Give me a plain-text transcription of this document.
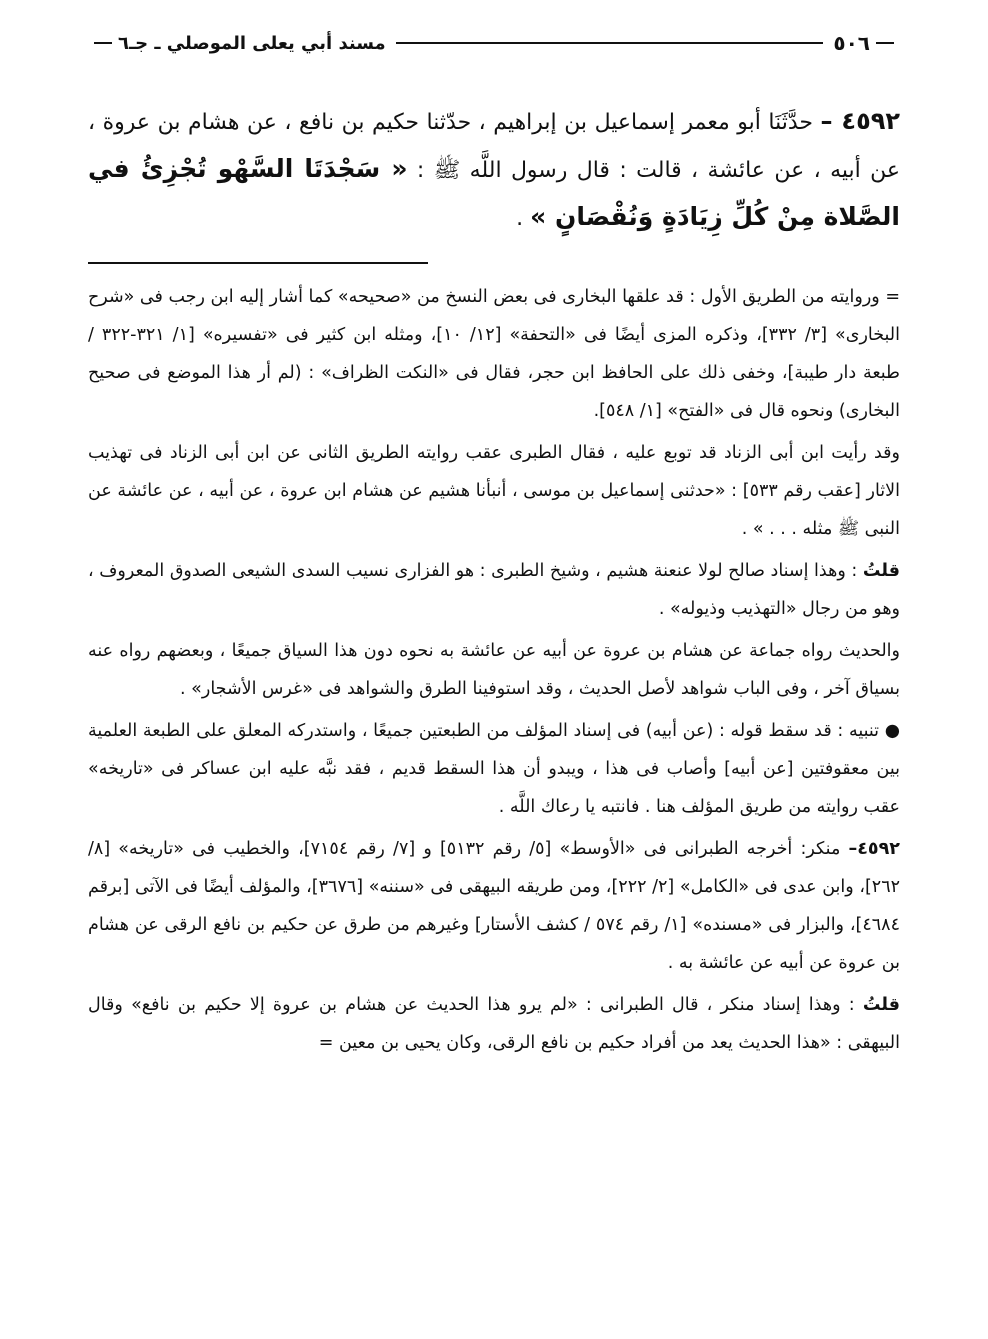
٥٠٦
مسند أبي يعلى الموصلي ـ جـ٦

٤٥٩٢ – حدَّثَنَا أبو معمر إسماعيل بن إبراهيم ، حدّثنا حكيم بن نافع ، عن هشام بن عروة ، عن أبيه ، عن عائشة ، قالت : قال رسول اللَّه ﷺ : « سَجْدَتَا السَّهْو تُجْزِئُ في الصَّلاة مِنْ كُلِّ زِيَادَةٍ وَنُقْصَانٍ » .

= وروايته من الطريق الأول : قد علقها البخارى فى بعض النسخ من «صحيحه» كما أشار إليه ابن رجب فى «شرح البخارى» [٣/ ٣٣٢]، وذكره المزى أيضًا فى «التحفة» [١٢/ ١٠]، ومثله ابن كثير فى «تفسيره» [١/ ٣٢١-٣٢٢ / طبعة دار طيبة]، وخفى ذلك على الحافظ ابن حجر، فقال فى «النكت الظراف» : (لم أر هذا الموضع فى صحيح البخارى) ونحوه قال فى «الفتح» [١/ ٥٤٨].

وقد رأيت ابن أبى الزناد قد توبع عليه ، فقال الطبرى عقب روايته الطريق الثانى عن ابن أبى الزناد فى تهذيب الاثار [عقب رقم ٥٣٣] : «حدثنى إسماعيل بن موسى ، أنبأنا هشيم عن هشام ابن عروة ، عن أبيه ، عن عائشة عن النبى ﷺ مثله . . . » .

قلتُ : وهذا إسناد صالح لولا عنعنة هشيم ، وشيخ الطبرى : هو الفزارى نسيب السدى الشيعى الصدوق المعروف ، وهو من رجال «التهذيب وذيوله» .

والحديث رواه جماعة عن هشام بن عروة عن أبيه عن عائشة به نحوه دون هذا السياق جميعًا ، وبعضهم رواه عنه بسياق آخر ، وفى الباب شواهد لأصل الحديث ، وقد استوفينا الطرق والشواهد فى «غرس الأشجار» .

● تنبيه : قد سقط قوله : (عن أبيه) فى إسناد المؤلف من الطبعتين جميعًا ، واستدركه المعلق على الطبعة العلمية بين معقوفتين [عن أبيه] وأصاب فى هذا ، ويبدو أن هذا السقط قديم ، فقد نبَّه عليه ابن عساكر فى «تاريخه» عقب روايته من طريق المؤلف هنا . فانتبه يا رعاك اللَّه .

٤٥٩٢– منكر: أخرجه الطبرانى فى «الأوسط» [٥/ رقم ٥١٣٢] و [٧/ رقم ٧١٥٤]، والخطيب فى «تاريخه» [٨/ ٢٦٢]، وابن عدى فى «الكامل» [٢/ ٢٢٢]، ومن طريقه البيهقى فى «سننه» [٣٦٧٦]، والمؤلف أيضًا فى الآتى [برقم ٤٦٨٤]، والبزار فى «مسنده» [١/ رقم ٥٧٤ / كشف الأستار] وغيرهم من طرق عن حكيم بن نافع الرقى عن هشام بن عروة عن أبيه عن عائشة به .

قلتُ : وهذا إسناد منكر ، قال الطبرانى : «لم يرو هذا الحديث عن هشام بن عروة إلا حكيم بن نافع» وقال البيهقى : «هذا الحديث يعد من أفراد حكيم بن نافع الرقى، وكان يحيى بن معين =
